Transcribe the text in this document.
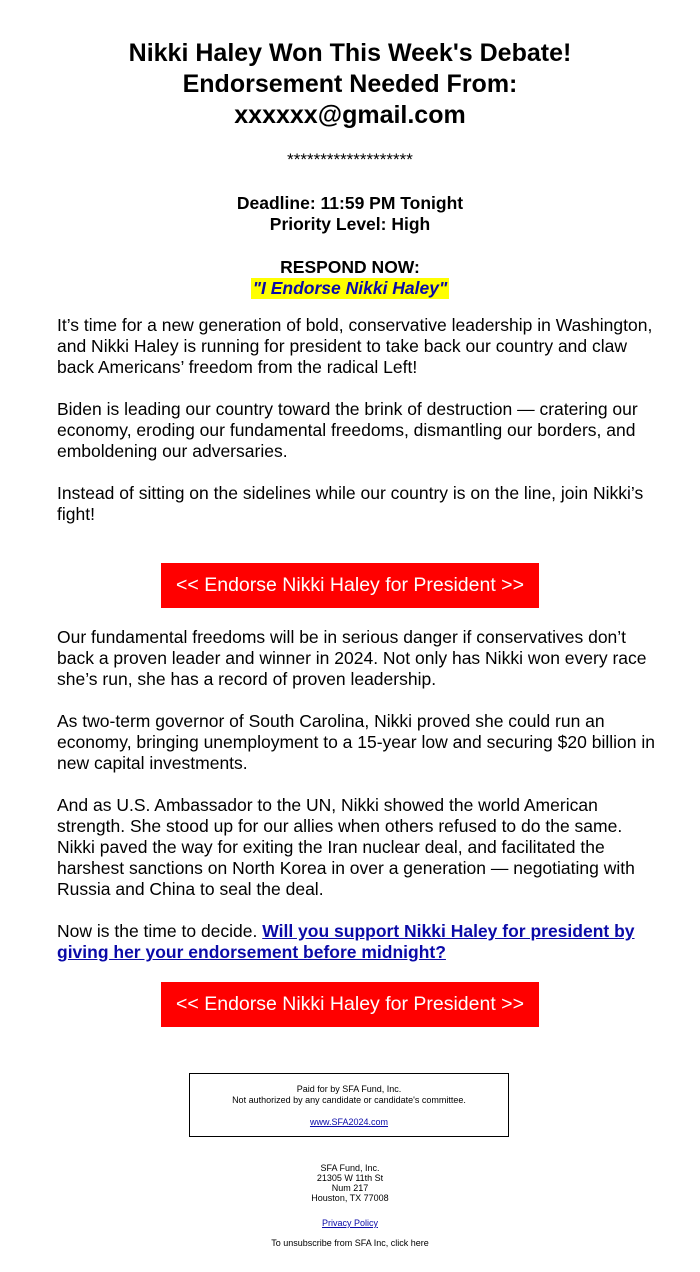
Nikki Haley Won This Week's Debate!
Endorsement Needed From:
xxxxxx@gmail.com
*******************
Deadline: 11:59 PM Tonight
Priority Level: High
RESPOND NOW:
"I Endorse Nikki Haley"

It’s time for a new generation of bold, conservative leadership in Washington, and Nikki Haley is running for president to take back our country and claw back Americans’ freedom from the radical Left!

Biden is leading our country toward the brink of destruction — cratering our economy, eroding our fundamental freedoms, dismantling our borders, and emboldening our adversaries.

Instead of sitting on the sidelines while our country is on the line, join Nikki’s fight!

<< Endorse Nikki Haley for President >>

Our fundamental freedoms will be in serious danger if conservatives don’t back a proven leader and winner in 2024. Not only has Nikki won every race she’s run, she has a record of proven leadership.

As two-term governor of South Carolina, Nikki proved she could run an economy, bringing unemployment to a 15-year low and securing $20 billion in new capital investments.

And as U.S. Ambassador to the UN, Nikki showed the world American strength. She stood up for our allies when others refused to do the same. Nikki paved the way for exiting the Iran nuclear deal, and facilitated the harshest sanctions on North Korea in over a generation — negotiating with Russia and China to seal the deal.

Now is the time to decide. Will you support Nikki Haley for president by giving her your endorsement before midnight?

<< Endorse Nikki Haley for President >>
Paid for by SFA Fund, Inc.
Not authorized by any candidate or candidate's committee.
www.SFA2024.com
SFA Fund, Inc.
21305 W 11th St
Num 217
Houston, TX 77008
Privacy Policy
To unsubscribe from SFA Inc, click here
